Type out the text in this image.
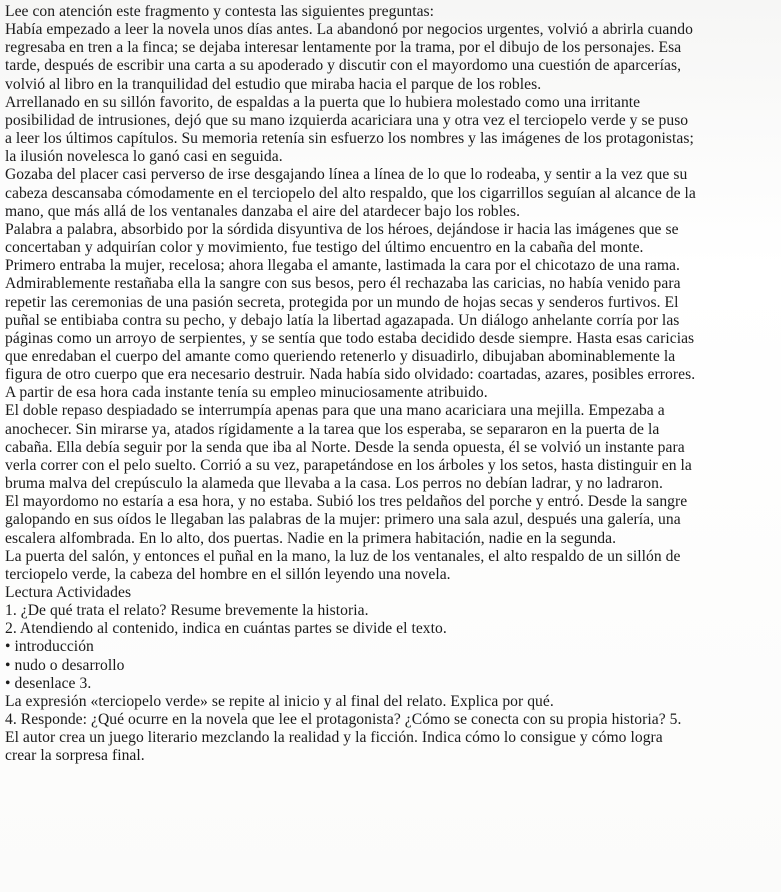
Lee con atención este fragmento y contesta las siguientes preguntas:
Había empezado a leer la novela unos días antes. La abandonó por negocios urgentes, volvió a abrirla cuando
regresaba en tren a la finca; se dejaba interesar lentamente por la trama, por el dibujo de los personajes. Esa
tarde, después de escribir una carta a su apoderado y discutir con el mayordomo una cuestión de aparcerías,
volvió al libro en la tranquilidad del estudio que miraba hacia el parque de los robles.
Arrellanado en su sillón favorito, de espaldas a la puerta que lo hubiera molestado como una irritante
posibilidad de intrusiones, dejó que su mano izquierda acariciara una y otra vez el terciopelo verde y se puso
a leer los últimos capítulos. Su memoria retenía sin esfuerzo los nombres y las imágenes de los protagonistas;
la ilusión novelesca lo ganó casi en seguida.
Gozaba del placer casi perverso de irse desgajando línea a línea de lo que lo rodeaba, y sentir a la vez que su
cabeza descansaba cómodamente en el terciopelo del alto respaldo, que los cigarrillos seguían al alcance de la
mano, que más allá de los ventanales danzaba el aire del atardecer bajo los robles.
Palabra a palabra, absorbido por la sórdida disyuntiva de los héroes, dejándose ir hacia las imágenes que se
concertaban y adquirían color y movimiento, fue testigo del último encuentro en la cabaña del monte.
Primero entraba la mujer, recelosa; ahora llegaba el amante, lastimada la cara por el chicotazo de una rama.
Admirablemente restañaba ella la sangre con sus besos, pero él rechazaba las caricias, no había venido para
repetir las ceremonias de una pasión secreta, protegida por un mundo de hojas secas y senderos furtivos. El
puñal se entibiaba contra su pecho, y debajo latía la libertad agazapada. Un diálogo anhelante corría por las
páginas como un arroyo de serpientes, y se sentía que todo estaba decidido desde siempre. Hasta esas caricias
que enredaban el cuerpo del amante como queriendo retenerlo y disuadirlo, dibujaban abominablemente la
figura de otro cuerpo que era necesario destruir. Nada había sido olvidado: coartadas, azares, posibles errores.
A partir de esa hora cada instante tenía su empleo minuciosamente atribuido.
El doble repaso despiadado se interrumpía apenas para que una mano acariciara una mejilla. Empezaba a
anochecer. Sin mirarse ya, atados rígidamente a la tarea que los esperaba, se separaron en la puerta de la
cabaña. Ella debía seguir por la senda que iba al Norte. Desde la senda opuesta, él se volvió un instante para
verla correr con el pelo suelto. Corrió a su vez, parapetándose en los árboles y los setos, hasta distinguir en la
bruma malva del crepúsculo la alameda que llevaba a la casa. Los perros no debían ladrar, y no ladraron.
El mayordomo no estaría a esa hora, y no estaba. Subió los tres peldaños del porche y entró. Desde la sangre
galopando en sus oídos le llegaban las palabras de la mujer: primero una sala azul, después una galería, una
escalera alfombrada. En lo alto, dos puertas. Nadie en la primera habitación, nadie en la segunda.
La puerta del salón, y entonces el puñal en la mano, la luz de los ventanales, el alto respaldo de un sillón de
terciopelo verde, la cabeza del hombre en el sillón leyendo una novela.
Lectura Actividades
1. ¿De qué trata el relato? Resume brevemente la historia.
2. Atendiendo al contenido, indica en cuántas partes se divide el texto.
• introducción
• nudo o desarrollo
• desenlace 3.
La expresión «terciopelo verde» se repite al inicio y al final del relato. Explica por qué.
4. Responde: ¿Qué ocurre en la novela que lee el protagonista? ¿Cómo se conecta con su propia historia? 5.
El autor crea un juego literario mezclando la realidad y la ficción. Indica cómo lo consigue y cómo logra
crear la sorpresa final.
